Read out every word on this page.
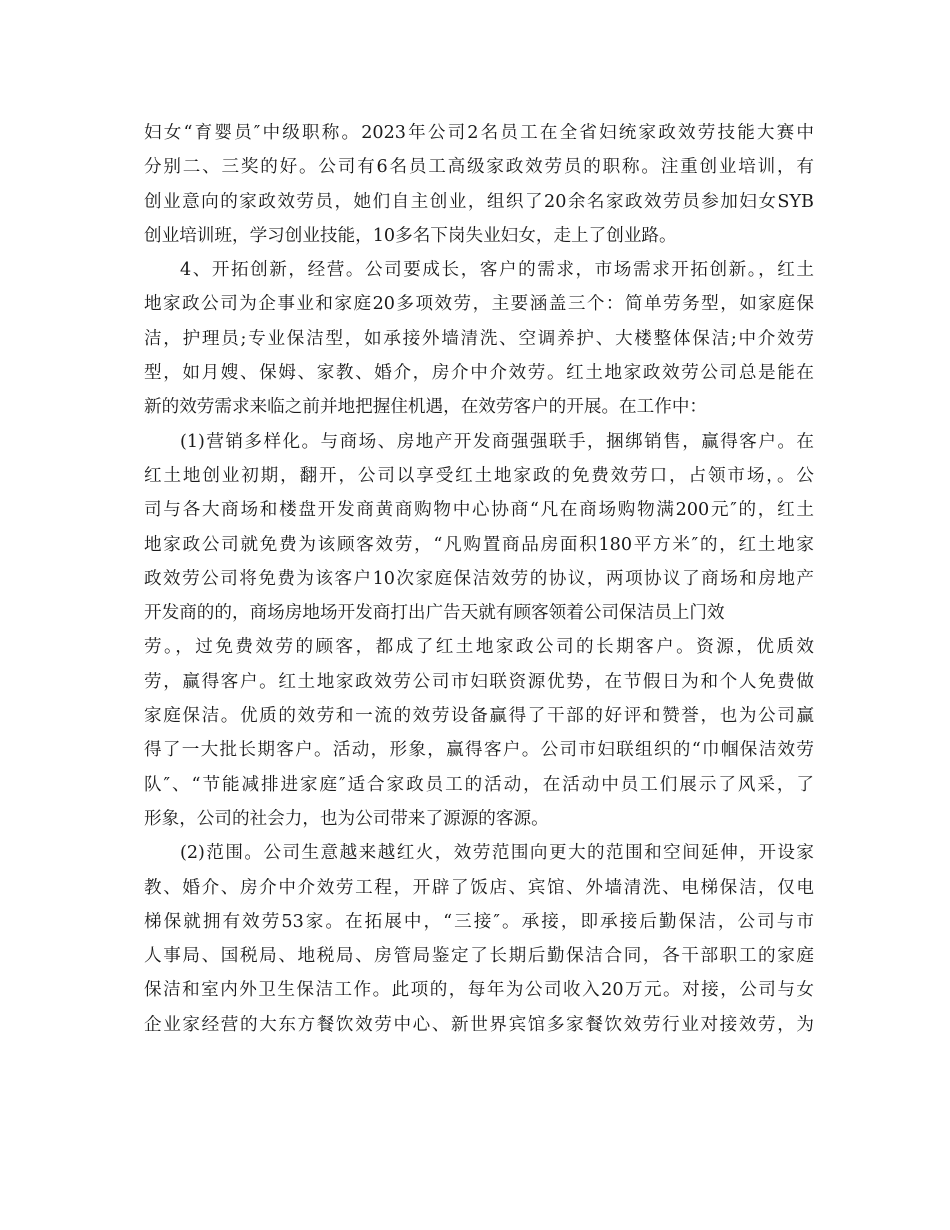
妇女“育婴员″中级职称。2023年公司2名员工在全省妇统家政效劳技能大赛中
分别二、三奖的好。公司有6名员工高级家政效劳员的职称。注重创业培训，有
创业意向的家政效劳员，她们自主创业，组织了20余名家政效劳员参加妇女SYB
创业培训班，学习创业技能，10多名下岗失业妇女，走上了创业路。
4、开拓创新，经营。公司要成长，客户的需求，市场需求开拓创新。，红土
地家政公司为企事业和家庭20多项效劳，主要涵盖三个：简单劳务型，如家庭保
洁，护理员;专业保洁型，如承接外墙清洗、空调养护、大楼整体保洁;中介效劳
型，如月嫂、保姆、家教、婚介，房介中介效劳。红土地家政效劳公司总是能在
新的效劳需求来临之前并地把握住机遇，在效劳客户的开展。在工作中：
(1)营销多样化。与商场、房地产开发商强强联手，捆绑销售，赢得客户。在
红土地创业初期，翻开，公司以享受红土地家政的免费效劳口，占领市场，。公
司与各大商场和楼盘开发商黄商购物中心协商“凡在商场购物满200元″的，红土
地家政公司就免费为该顾客效劳，“凡购置商品房面积180平方米″的，红土地家
政效劳公司将免费为该客户10次家庭保洁效劳的协议，两项协议了商场和房地产
开发商的的，商场房地场开发商打出广告天就有顾客领着公司保洁员上门效
劳。，过免费效劳的顾客，都成了红土地家政公司的长期客户。资源，优质效
劳，赢得客户。红土地家政效劳公司市妇联资源优势，在节假日为和个人免费做
家庭保洁。优质的效劳和一流的效劳设备赢得了干部的好评和赞誉，也为公司赢
得了一大批长期客户。活动，形象，赢得客户。公司市妇联组织的“巾帼保洁效劳
队″、“节能减排进家庭″适合家政员工的活动，在活动中员工们展示了风采，了
形象，公司的社会力，也为公司带来了源源的客源。
(2)范围。公司生意越来越红火，效劳范围向更大的范围和空间延伸，开设家
教、婚介、房介中介效劳工程，开辟了饭店、宾馆、外墙清洗、电梯保洁，仅电
梯保就拥有效劳53家。在拓展中，“三接″。承接，即承接后勤保洁，公司与市
人事局、国税局、地税局、房管局鉴定了长期后勤保洁合同，各干部职工的家庭
保洁和室内外卫生保洁工作。此项的，每年为公司收入20万元。对接，公司与女
企业家经营的大东方餐饮效劳中心、新世界宾馆多家餐饮效劳行业对接效劳，为
